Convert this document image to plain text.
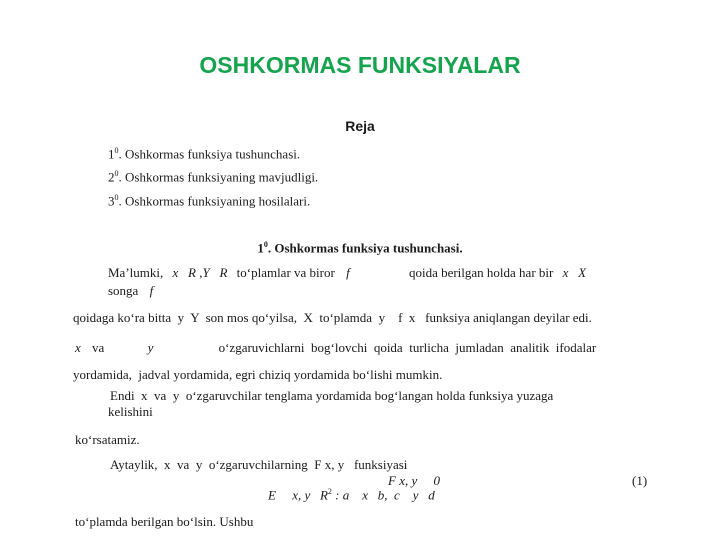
OSHKORMAS FUNKSIYALAR
Reja
$1^0$. Oshkormas funksiya tushunchasi.
$2^0$. Oshkormas funksiyaning mavjudligi.
$3^0$. Oshkormas funksiyaning hosilalari.
$1^0$. Oshkormas funksiya tushunchasi.
Ma’lumki, x   R ,Y   R to‘plamlar va biror f	qoida berilgan holda har bir x   X
songa f
qoidaga ko‘ra bitta  y  Y  son mos qo‘yilsa,  X  to‘plamda  y    f  x   funksiya aniqlangan deyilar edi.
x va	y	o‘zgaruvichlarni  bog‘lovchi  qoida  turlicha  jumladan  analitik  ifodalar
yordamida,  jadval yordamida, egri chiziq yordamida bo‘lishi mumkin.
Endi  x  va  y  o‘zgaruvchilar tenglama yordamida bog‘langan holda funksiya yuzaga
kelishini
ko‘rsatamiz.
Aytaylik,  x  va  y  o‘zgaruvchilarning  F x, y   funksiyasi
F x, y     0	(1)
E     x, y   $R^2$ : a    x   b,  c    y   d
to‘plamda berilgan bo‘lsin. Ushbu
